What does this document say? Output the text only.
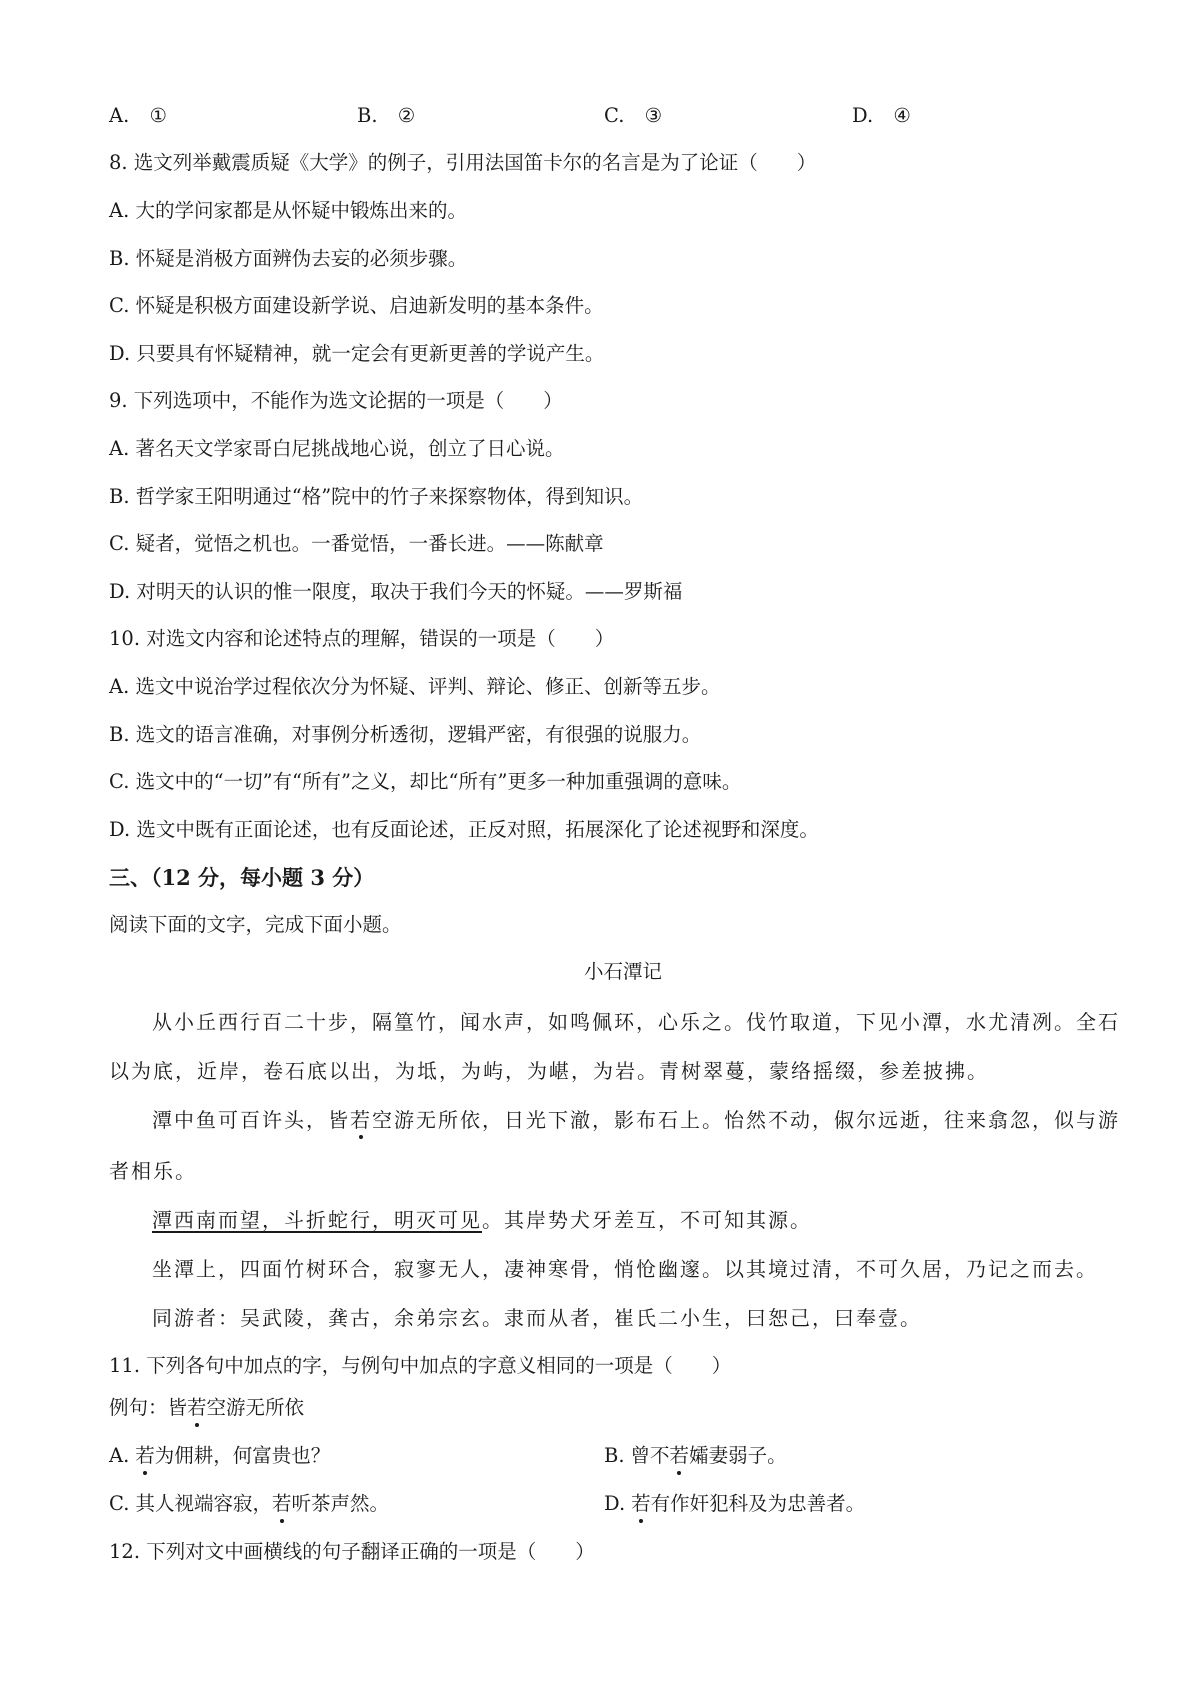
A. ①	B. ②	C. ③	D. ④
8. 选文列举戴震质疑《大学》的例子，引用法国笛卡尔的名言是为了论证（　　）
A. 大的学问家都是从怀疑中锻炼出来的。
B. 怀疑是消极方面辨伪去妄的必须步骤。
C. 怀疑是积极方面建设新学说、启迪新发明的基本条件。
D. 只要具有怀疑精神，就一定会有更新更善的学说产生。
9. 下列选项中，不能作为选文论据的一项是（　　）
A. 著名天文学家哥白尼挑战地心说，创立了日心说。
B. 哲学家王阳明通过“格”院中的竹子来探察物体，得到知识。
C. 疑者，觉悟之机也。一番觉悟，一番长进。——陈献章
D. 对明天的认识的惟一限度，取决于我们今天的怀疑。——罗斯福
10. 对选文内容和论述特点的理解，错误的一项是（　　）
A. 选文中说治学过程依次分为怀疑、评判、辩论、修正、创新等五步。
B. 选文的语言准确，对事例分析透彻，逻辑严密，有很强的说服力。
C. 选文中的“一切”有“所有”之义，却比“所有”更多一种加重强调的意味。
D. 选文中既有正面论述，也有反面论述，正反对照，拓展深化了论述视野和深度。
三、（12 分，每小题 3 分）
阅读下面的文字，完成下面小题。
小石潭记
从小丘西行百二十步，隔篁竹，闻水声，如鸣佩环，心乐之。伐竹取道，下见小潭，水尤清冽。全石
以为底，近岸，卷石底以出，为坻，为屿，为嵁，为岩。青树翠蔓，蒙络摇缀，参差披拂。
潭中鱼可百许头，皆若空游无所依，日光下澈，影布石上。怡然不动，俶尔远逝，往来翕忽，似与游
者相乐。
潭西南而望，斗折蛇行，明灭可见。其岸势犬牙差互，不可知其源。
坐潭上，四面竹树环合，寂寥无人，凄神寒骨，悄怆幽邃。以其境过清，不可久居，乃记之而去。
同游者：吴武陵，龚古，余弟宗玄。隶而从者，崔氏二小生，曰恕己，曰奉壹。
11. 下列各句中加点的字，与例句中加点的字意义相同的一项是（　　）
例句：皆若空游无所依
A. 若为佣耕，何富贵也？	B. 曾不若孀妻弱子。
C. 其人视端容寂，若听茶声然。	D. 若有作奸犯科及为忠善者。
12. 下列对文中画横线的句子翻译正确的一项是（　　）
